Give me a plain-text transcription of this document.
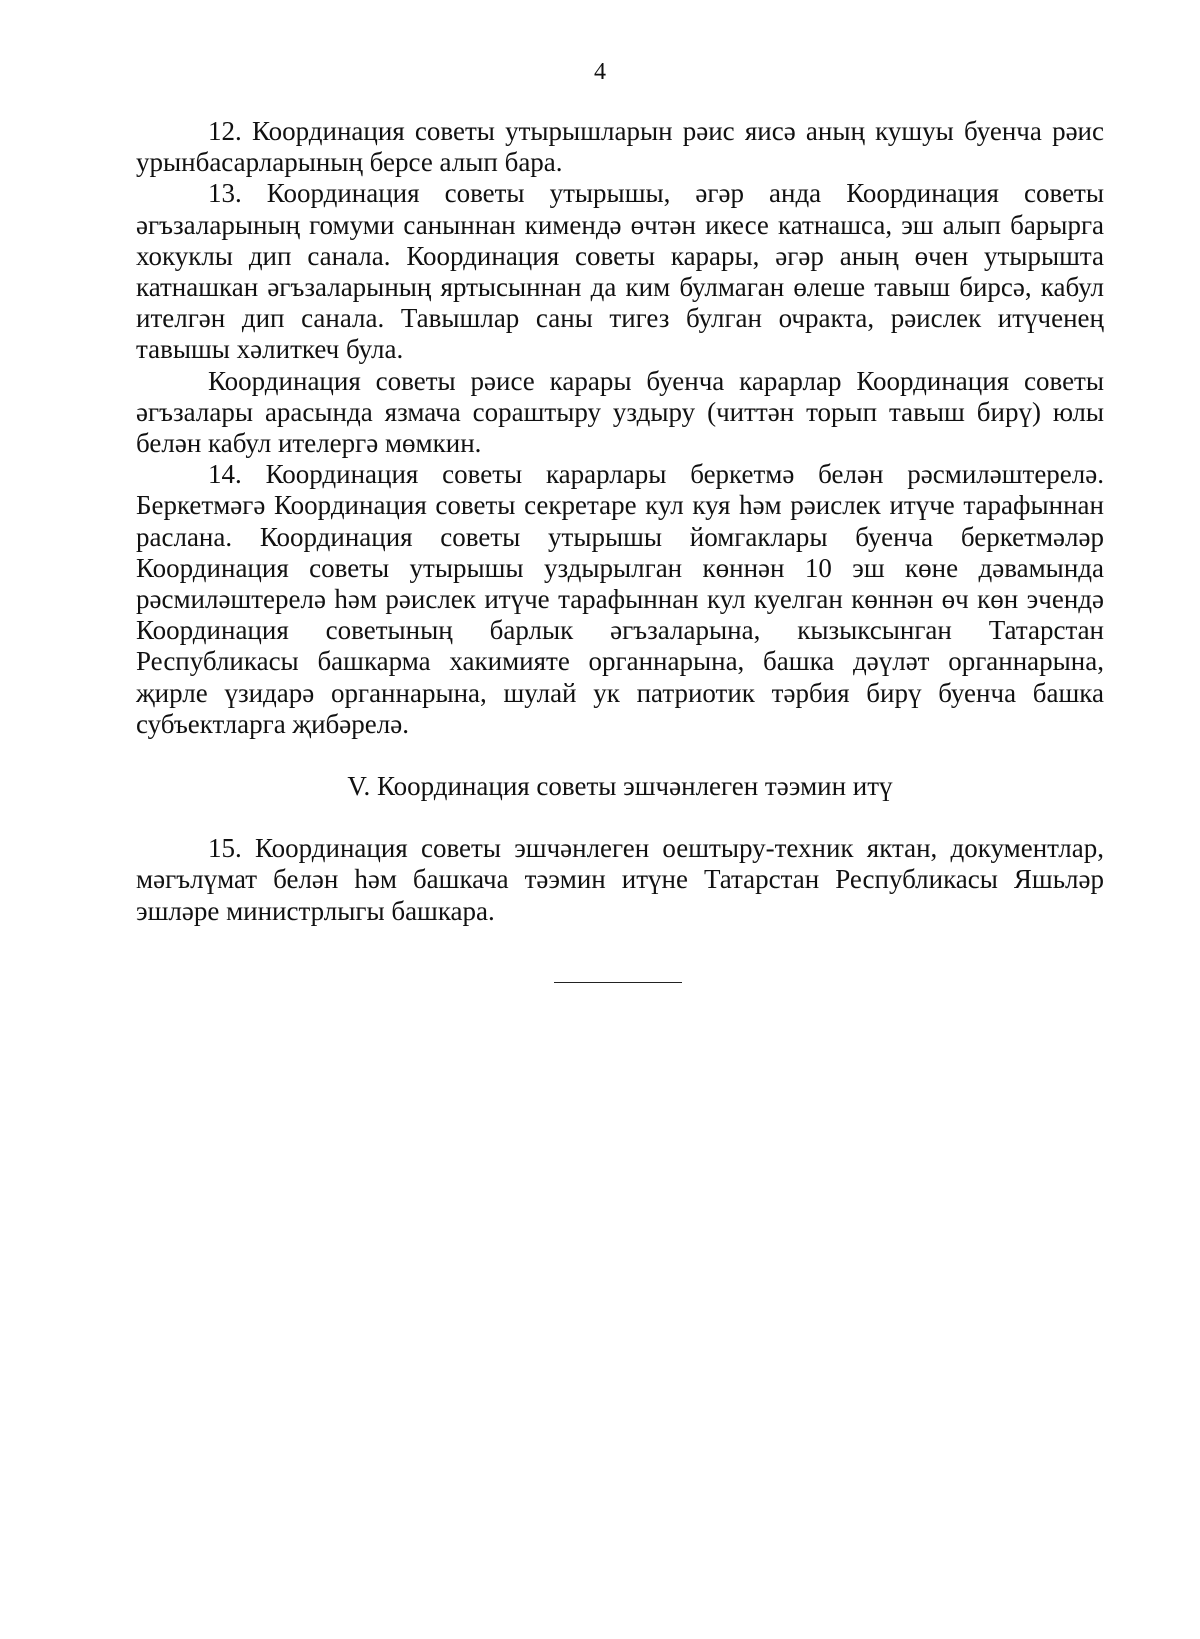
4

12. Координация советы утырышларын рәис яисә аның кушуы буенча рәис урынбасарларының берсе алып бара.

13. Координация советы утырышы, әгәр анда Координация советы әгъзаларының гомуми саныннан кимендә өчтән икесе катнашса, эш алып барырга хокуклы дип санала. Координация советы карары, әгәр аның өчен утырышта катнашкан әгъзаларының яртысыннан да ким булмаган өлеше тавыш бирсә, кабул ителгән дип санала. Тавышлар саны тигез булган очракта, рәислек итүченең тавышы хәлиткеч була.

Координация советы рәисе карары буенча карарлар Координация советы әгъзалары арасында язмача сораштыру уздыру (читтән торып тавыш бирү) юлы белән кабул ителергә мөмкин.

14. Координация советы карарлары беркетмә белән рәсмиләштерелә. Беркетмәгә Координация советы секретаре кул куя һәм рәислек итүче тарафыннан раслана. Координация советы утырышы йомгаклары буенча беркетмәләр Координация советы утырышы уздырылган көннән 10 эш көне дәвамында рәсмиләштерелә һәм рәислек итүче тарафыннан кул куелган көннән өч көн эчендә Координация советының барлык әгъзаларына, кызыксынган Татарстан Республикасы башкарма хакимияте органнарына, башка дәүләт органнарына, җирле үзидарә органнарына, шулай ук патриотик тәрбия бирү буенча башка субъектларга җибәрелә.

V. Координация советы эшчәнлеген тәэмин итү

15. Координация советы эшчәнлеген оештыру-техник яктан, документлар, мәгълүмат белән һәм башкача тәэмин итүне Татарстан Республикасы Яшьләр эшләре министрлыгы башкара.
